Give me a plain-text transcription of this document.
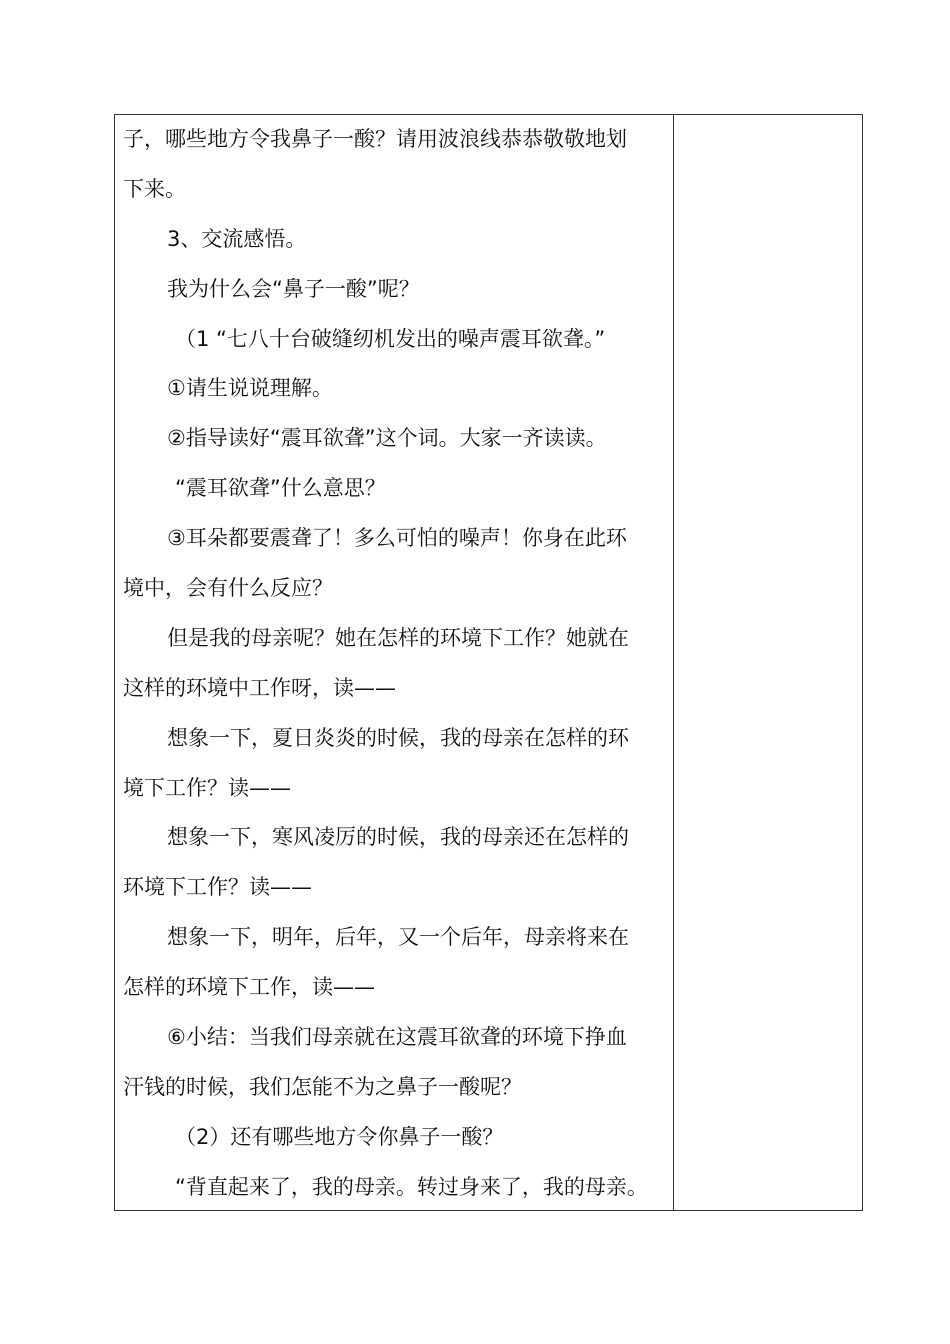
子，哪些地方令我鼻子一酸？请用波浪线恭恭敬敬地划
下来。
3、交流感悟。
我为什么会“鼻子一酸”呢？
（1 “七八十台破缝纫机发出的噪声震耳欲聋。”
①请生说说理解。
②指导读好“震耳欲聋”这个词。大家一齐读读。
“震耳欲聋”什么意思？
③耳朵都要震聋了！多么可怕的噪声！你身在此环
境中，会有什么反应？
但是我的母亲呢？她在怎样的环境下工作？她就在
这样的环境中工作呀，读——
想象一下，夏日炎炎的时候，我的母亲在怎样的环
境下工作？读——
想象一下，寒风凌厉的时候，我的母亲还在怎样的
环境下工作？读——
想象一下，明年，后年，又一个后年，母亲将来在
怎样的环境下工作，读——
⑥小结：当我们母亲就在这震耳欲聋的环境下挣血
汗钱的时候，我们怎能不为之鼻子一酸呢？
（2）还有哪些地方令你鼻子一酸？
“背直起来了，我的母亲。转过身来了，我的母亲。
